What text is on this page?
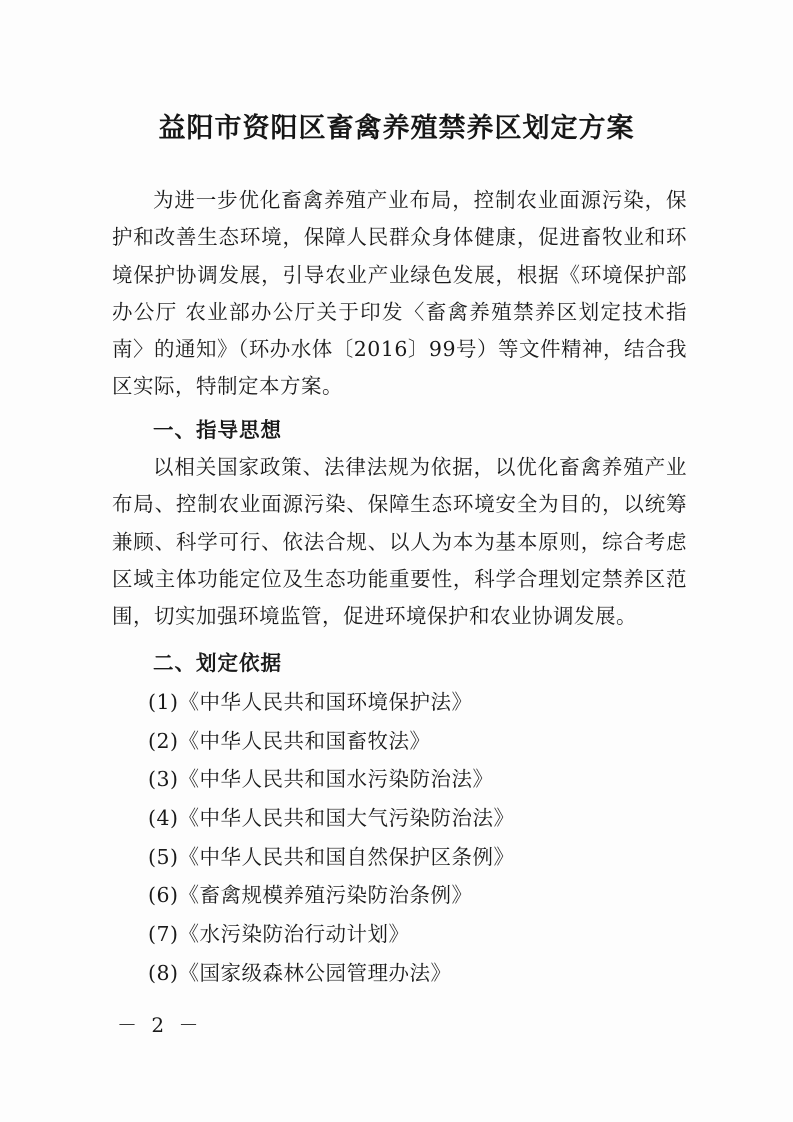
益阳市资阳区畜禽养殖禁养区划定方案

为进一步优化畜禽养殖产业布局，控制农业面源污染，保护和改善生态环境，保障人民群众身体健康，促进畜牧业和环境保护协调发展，引导农业产业绿色发展，根据《环境保护部办公厅 农业部办公厅关于印发〈畜禽养殖禁养区划定技术指南〉的通知》（环办水体〔2016〕99号）等文件精神，结合我区实际，特制定本方案。

一、指导思想

以相关国家政策、法律法规为依据，以优化畜禽养殖产业布局、控制农业面源污染、保障生态环境安全为目的，以统筹兼顾、科学可行、依法合规、以人为本为基本原则，综合考虑区域主体功能定位及生态功能重要性，科学合理划定禁养区范围，切实加强环境监管，促进环境保护和农业协调发展。

二、划定依据
(1)《中华人民共和国环境保护法》
(2)《中华人民共和国畜牧法》
(3)《中华人民共和国水污染防治法》
(4)《中华人民共和国大气污染防治法》
(5)《中华人民共和国自然保护区条例》
(6)《畜禽规模养殖污染防治条例》
(7)《水污染防治行动计划》
(8)《国家级森林公园管理办法》
－ 2 －
